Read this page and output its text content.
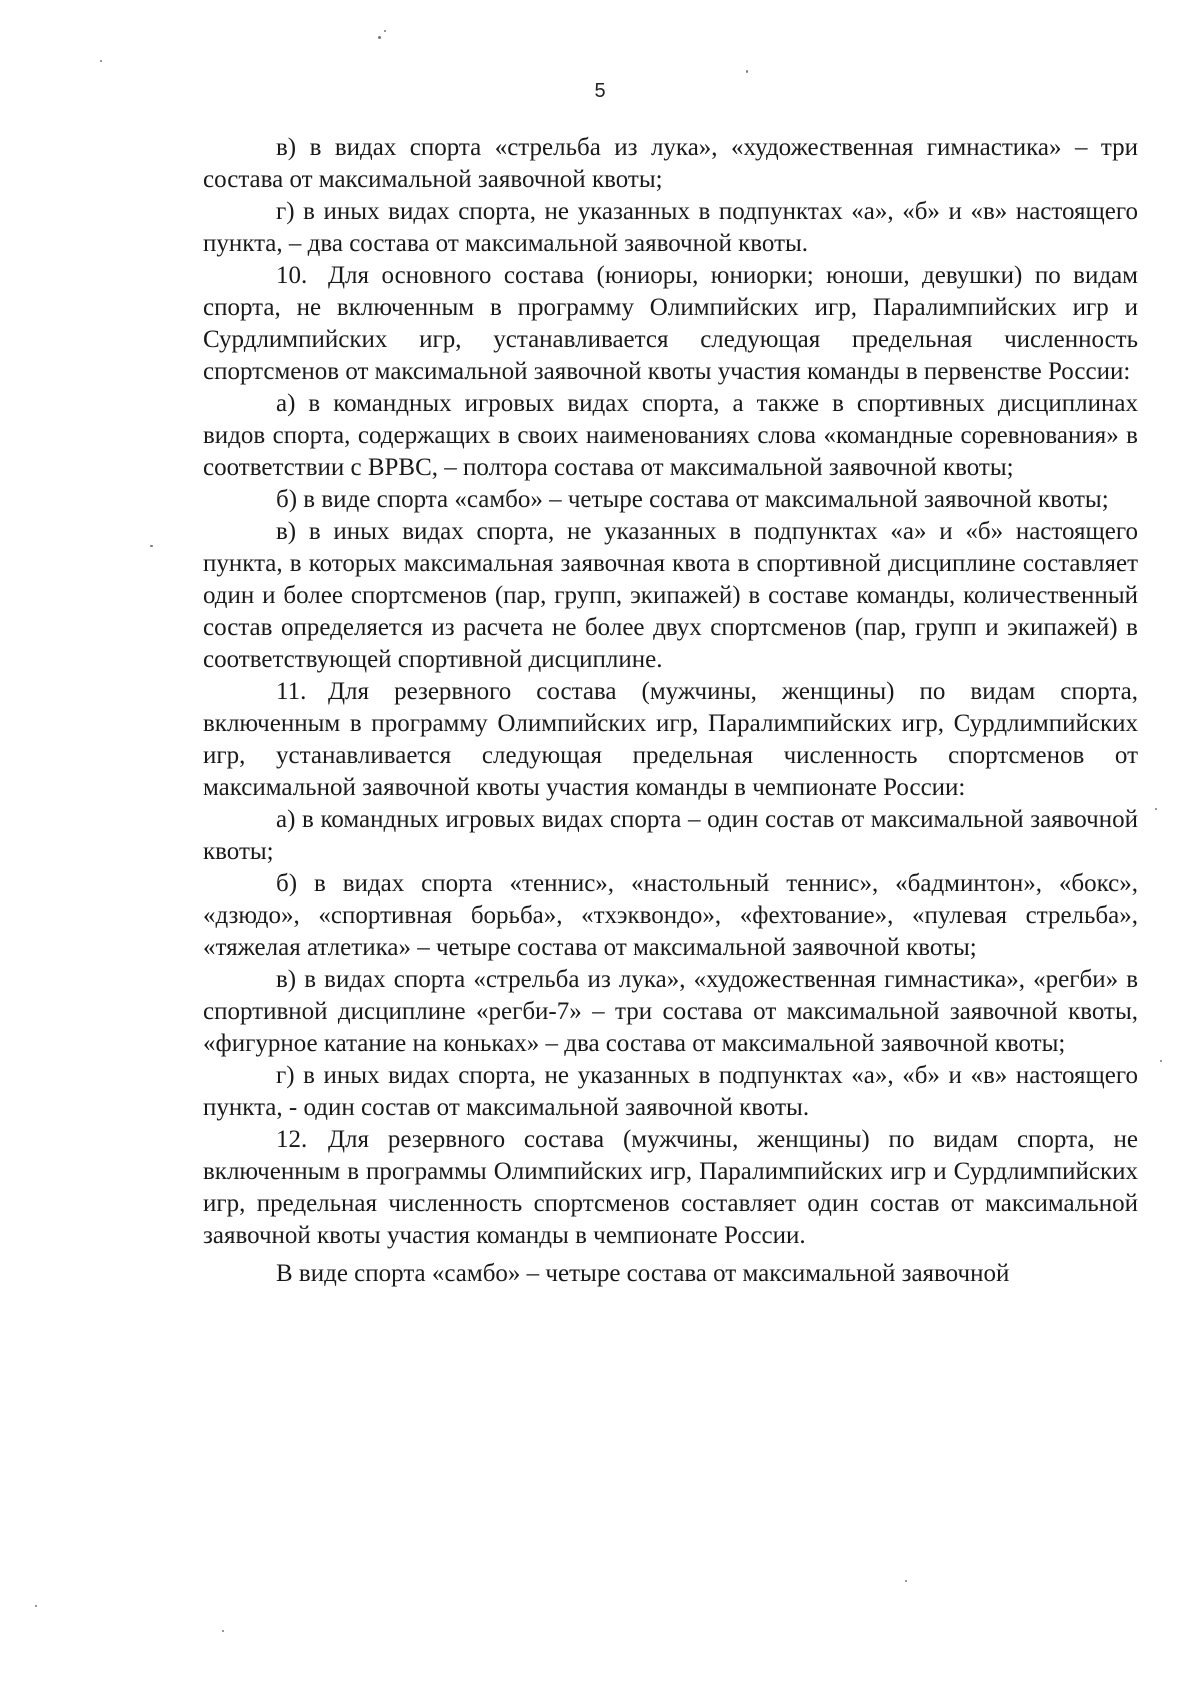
5

в) в видах спорта «стрельба из лука», «художественная гимнастика» – три состава от максимальной заявочной квоты;

г) в иных видах спорта, не указанных в подпунктах «а», «б» и «в» настоящего пункта, – два состава от максимальной заявочной квоты.

10. Для основного состава (юниоры, юниорки; юноши, девушки) по видам спорта, не включенным в программу Олимпийских игр, Паралимпийских игр и Сурдлимпийских игр, устанавливается следующая предельная численность спортсменов от максимальной заявочной квоты участия команды в первенстве России:

а) в командных игровых видах спорта, а также в спортивных дисциплинах видов спорта, содержащих в своих наименованиях слова «командные соревнования» в соответствии с ВРВС, – полтора состава от максимальной заявочной квоты;

б) в виде спорта «самбо» – четыре состава от максимальной заявочной квоты;

в) в иных видах спорта, не указанных в подпунктах «а» и «б» настоящего пункта, в которых максимальная заявочная квота в спортивной дисциплине составляет один и более спортсменов (пар, групп, экипажей) в составе команды, количественный состав определяется из расчета не более двух спортсменов (пар, групп и экипажей) в соответствующей спортивной дисциплине.

11. Для резервного состава (мужчины, женщины) по видам спорта, включенным в программу Олимпийских игр, Паралимпийских игр, Сурдлимпийских игр, устанавливается следующая предельная численность спортсменов от максимальной заявочной квоты участия команды в чемпионате России:

а) в командных игровых видах спорта – один состав от максимальной заявочной квоты;

б) в видах спорта «теннис», «настольный теннис», «бадминтон», «бокс», «дзюдо», «спортивная борьба», «тхэквондо», «фехтование», «пулевая стрельба», «тяжелая атлетика» – четыре состава от максимальной заявочной квоты;

в) в видах спорта «стрельба из лука», «художественная гимнастика», «регби» в спортивной дисциплине «регби-7» – три состава от максимальной заявочной квоты, «фигурное катание на коньках» – два состава от максимальной заявочной квоты;

г) в иных видах спорта, не указанных в подпунктах «а», «б» и «в» настоящего пункта, - один состав от максимальной заявочной квоты.

12. Для резервного состава (мужчины, женщины) по видам спорта, не включенным в программы Олимпийских игр, Паралимпийских игр и Сурдлимпийских игр, предельная численность спортсменов составляет один состав от максимальной заявочной квоты участия команды в чемпионате России.

В виде спорта «самбо» – четыре состава от максимальной заявочной
